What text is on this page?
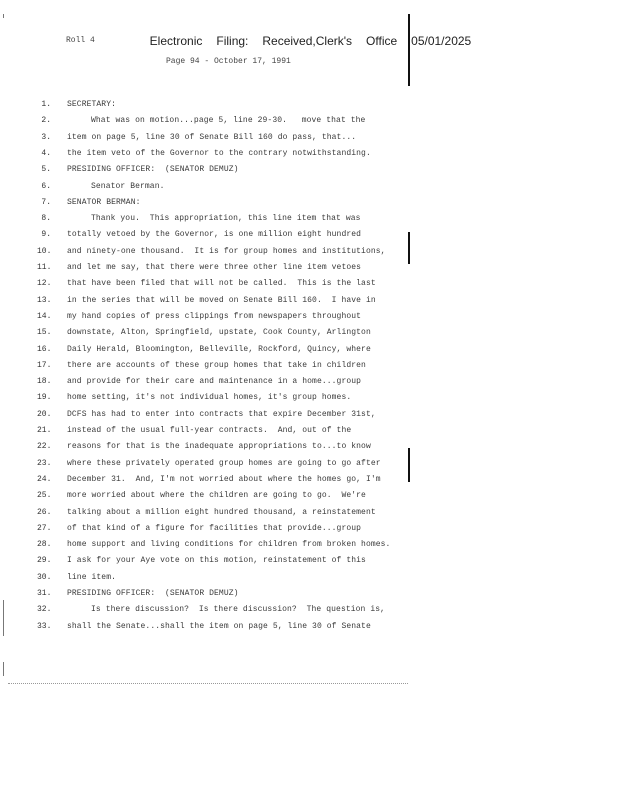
Electronic Filing: Received,Clerk's Office 05/01/2025

Roll 4
Page 94 - October 17, 1991
1. SECRETARY:
2.	What was on motion...page 5, line 29-30.   move that the
3. item on page 5, line 30 of Senate Bill 160 do pass, that...
4. the item veto of the Governor to the contrary notwithstanding.
5. PRESIDING OFFICER:  (SENATOR DEMUZ)
6.	Senator Berman.
7. SENATOR BERMAN:
8.	Thank you.  This appropriation, this line item that was
9. totally vetoed by the Governor, is one million eight hundred
10. and ninety-one thousand.  It is for group homes and institutions,
11. and let me say, that there were three other line item vetoes
12. that have been filed that will not be called.  This is the last
13. in the series that will be moved on Senate Bill 160.  I have in
14. my hand copies of press clippings from newspapers throughout
15. downstate, Alton, Springfield, upstate, Cook County, Arlington
16. Daily Herald, Bloomington, Belleville, Rockford, Quincy, where
17. there are accounts of these group homes that take in children
18. and provide for their care and maintenance in a home...group
19. home setting, it's not individual homes, it's group homes.
20. DCFS has had to enter into contracts that expire December 31st,
21. instead of the usual full-year contracts.  And, out of the
22. reasons for that is the inadequate appropriations to...to know
23. where these privately operated group homes are going to go after
24. December 31.  And, I'm not worried about where the homes go, I'm
25. more worried about where the children are going to go.  We're
26. talking about a million eight hundred thousand, a reinstatement
27. of that kind of a figure for facilities that provide...group
28. home support and living conditions for children from broken homes.
29. I ask for your Aye vote on this motion, reinstatement of this
30. line item.
31. PRESIDING OFFICER:  (SENATOR DEMUZ)
32.	Is there discussion?  Is there discussion?  The question is,
33. shall the Senate...shall the item on page 5, line 30 of Senate
